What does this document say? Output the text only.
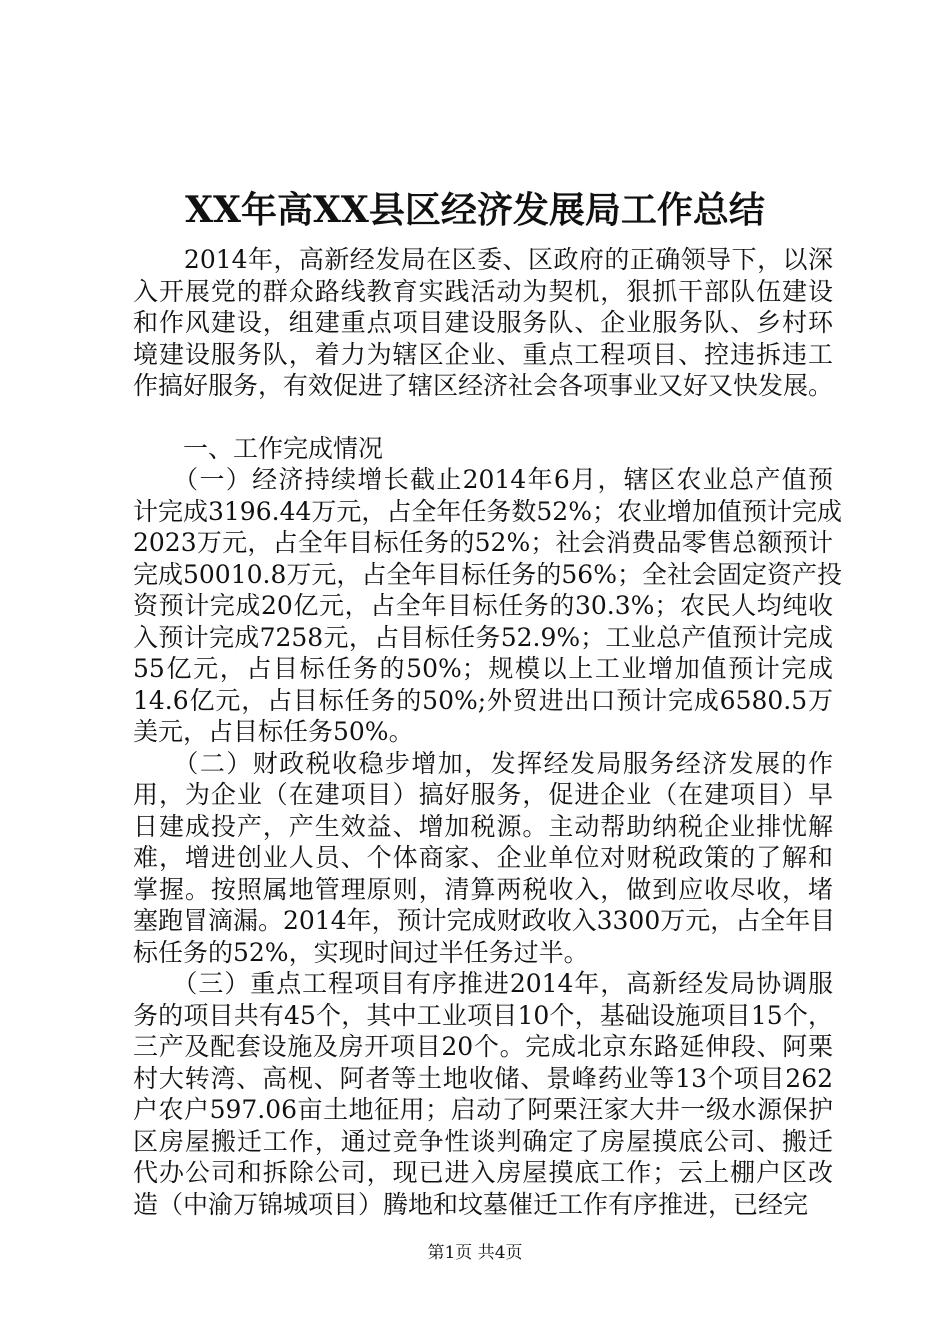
XX年高XX县区经济发展局工作总结
　　2014年，高新经发局在区委、区政府的正确领导下，以深
入开展党的群众路线教育实践活动为契机，狠抓干部队伍建设
和作风建设，组建重点项目建设服务队、企业服务队、乡村环
境建设服务队，着力为辖区企业、重点工程项目、控违拆违工
作搞好服务，有效促进了辖区经济社会各项事业又好又快发展。
　　一、工作完成情况
　　（一）经济持续增长截止2014年6月，辖区农业总产值预
计完成3196.44万元，占全年任务数52%；农业增加值预计完成
2023万元，占全年目标任务的52%；社会消费品零售总额预计
完成50010.8万元，占全年目标任务的56%；全社会固定资产投
资预计完成20亿元，占全年目标任务的30.3%；农民人均纯收
入预计完成7258元，占目标任务52.9%；工业总产值预计完成
55亿元，占目标任务的50%；规模以上工业增加值预计完成
14.6亿元，占目标任务的50%;外贸进出口预计完成6580.5万
美元，占目标任务50%。
　　（二）财政税收稳步增加，发挥经发局服务经济发展的作
用，为企业（在建项目）搞好服务，促进企业（在建项目）早
日建成投产，产生效益、增加税源。主动帮助纳税企业排忧解
难，增进创业人员、个体商家、企业单位对财税政策的了解和
掌握。按照属地管理原则，清算两税收入，做到应收尽收，堵
塞跑冒滴漏。2014年，预计完成财政收入3300万元，占全年目
标任务的52%，实现时间过半任务过半。
　　（三）重点工程项目有序推进2014年，高新经发局协调服
务的项目共有45个，其中工业项目10个，基础设施项目15个，
三产及配套设施及房开项目20个。完成北京东路延伸段、阿栗
村大转湾、高枧、阿者等土地收储、景峰药业等13个项目262
户农户597.06亩土地征用；启动了阿栗汪家大井一级水源保护
区房屋搬迁工作，通过竞争性谈判确定了房屋摸底公司、搬迁
代办公司和拆除公司，现已进入房屋摸底工作；云上棚户区改
造（中渝万锦城项目）腾地和坟墓催迁工作有序推进，已经完
第1页 共4页
